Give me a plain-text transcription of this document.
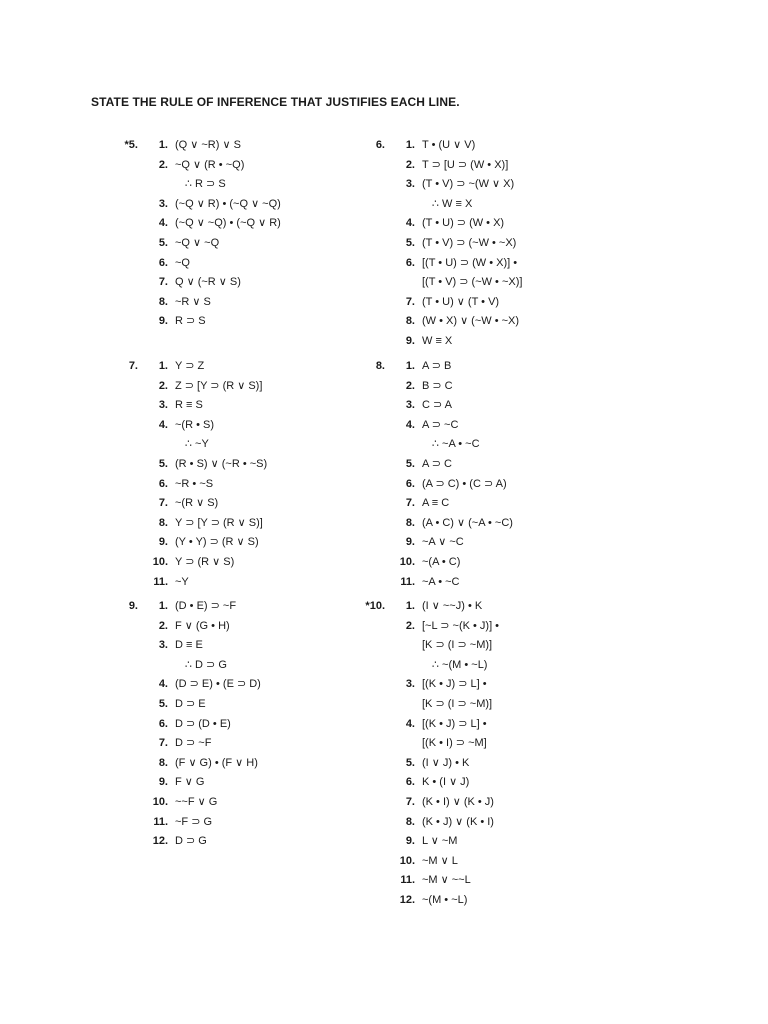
STATE THE RULE OF INFERENCE THAT JUSTIFIES EACH LINE.
*5. 1. (Q ∨ ~R) ∨ S
2. ~Q ∨ (R • ~Q)
∴ R ⊃ S
3. (~Q ∨ R) • (~Q ∨ ~Q)
4. (~Q ∨ ~Q) • (~Q ∨ R)
5. ~Q ∨ ~Q
6. ~Q
7. Q ∨ (~R ∨ S)
8. ~R ∨ S
9. R ⊃ S
6. 1. T • (U ∨ V)
2. T ⊃ [U ⊃ (W • X)]
3. (T • V) ⊃ ~(W ∨ X)
∴ W ≡ X
4. (T • U) ⊃ (W • X)
5. (T • V) ⊃ (~W • ~X)
6. [(T • U) ⊃ (W • X)] •
[(T • V) ⊃ (~W • ~X)]
7. (T • U) ∨ (T • V)
8. (W • X) ∨ (~W • ~X)
9. W ≡ X
7. 1. Y ⊃ Z
2. Z ⊃ [Y ⊃ (R ∨ S)]
3. R ≡ S
4. ~(R • S)
∴ ~Y
5. (R • S) ∨ (~R • ~S)
6. ~R • ~S
7. ~(R ∨ S)
8. Y ⊃ [Y ⊃ (R ∨ S)]
9. (Y • Y) ⊃ (R ∨ S)
10. Y ⊃ (R ∨ S)
11. ~Y
8. 1. A ⊃ B
2. B ⊃ C
3. C ⊃ A
4. A ⊃ ~C
∴ ~A • ~C
5. A ⊃ C
6. (A ⊃ C) • (C ⊃ A)
7. A ≡ C
8. (A • C) ∨ (~A • ~C)
9. ~A ∨ ~C
10. ~(A • C)
11. ~A • ~C
9. 1. (D • E) ⊃ ~F
2. F ∨ (G • H)
3. D ≡ E
∴ D ⊃ G
4. (D ⊃ E) • (E ⊃ D)
5. D ⊃ E
6. D ⊃ (D • E)
7. D ⊃ ~F
8. (F ∨ G) • (F ∨ H)
9. F ∨ G
10. ~~F ∨ G
11. ~F ⊃ G
12. D ⊃ G
*10. 1. (I ∨ ~~J) • K
2. [~L ⊃ ~(K • J)] •
[K ⊃ (I ⊃ ~M)]
∴ ~(M • ~L)
3. [(K • J) ⊃ L] •
[K ⊃ (I ⊃ ~M)]
4. [(K • J) ⊃ L] •
[(K • I) ⊃ ~M]
5. (I ∨ J) • K
6. K • (I ∨ J)
7. (K • I) ∨ (K • J)
8. (K • J) ∨ (K • I)
9. L ∨ ~M
10. ~M ∨ L
11. ~M ∨ ~~L
12. ~(M • ~L)
